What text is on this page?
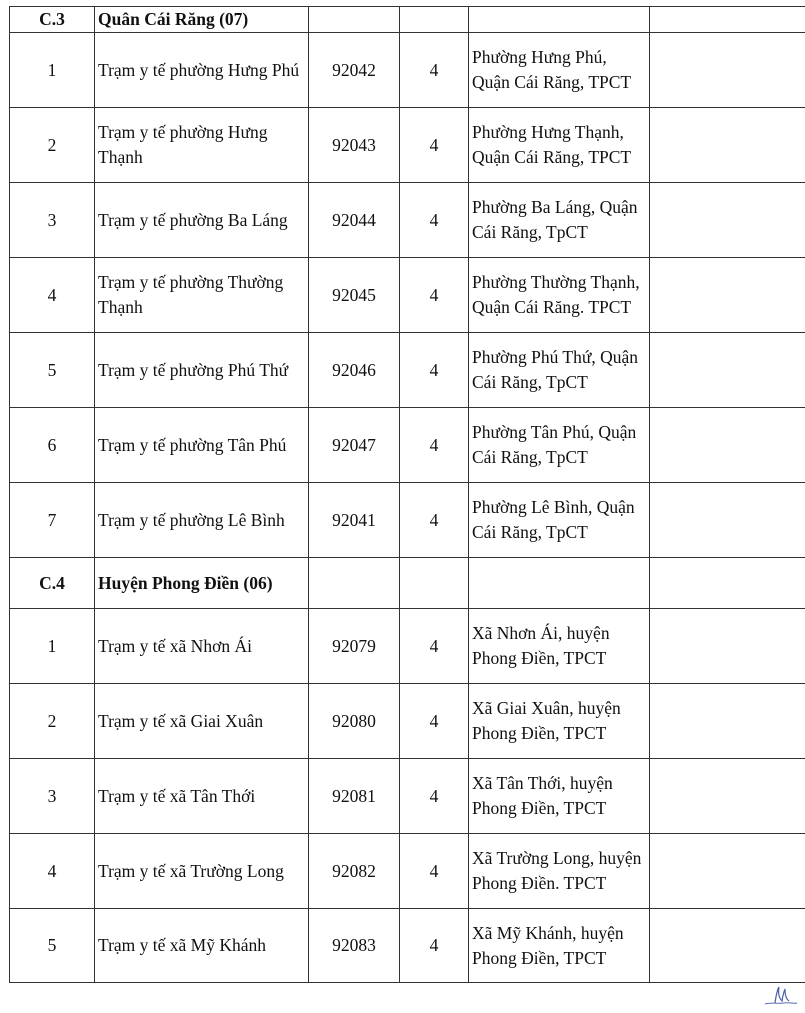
C.3	Quân Cái Răng (07)				
1	Trạm y tế phường Hưng Phú	92042	4	Phường Hưng Phú, Quận Cái Răng, TPCT	
2	Trạm y tế phường Hưng Thạnh	92043	4	Phường Hưng Thạnh, Quận Cái Răng, TPCT	
3	Trạm y tế phường Ba Láng	92044	4	Phường Ba Láng, Quận Cái Răng, TpCT	
4	Trạm y tế phường Thường Thạnh	92045	4	Phường Thường Thạnh, Quận Cái Răng. TPCT	
5	Trạm y tế phường Phú Thứ	92046	4	Phường Phú Thứ, Quận Cái Răng, TpCT	
6	Trạm y tế phường Tân Phú	92047	4	Phường Tân Phú, Quận Cái Răng, TpCT	
7	Trạm y tế phường Lê Bình	92041	4	Phường Lê Bình, Quận Cái Răng, TpCT	
C.4	Huyện Phong Điền (06)				
1	Trạm y tế xã Nhơn Ái	92079	4	Xã Nhơn Ái, huyện Phong Điền, TPCT	
2	Trạm y tế xã Giai Xuân	92080	4	Xã Giai Xuân, huyện Phong Điền, TPCT	
3	Trạm y tế xã Tân Thới	92081	4	Xã Tân Thới, huyện Phong Điền, TPCT	
4	Trạm y tế xã Trường Long	92082	4	Xã Trường Long, huyện Phong Điền. TPCT	
5	Trạm y tế xã Mỹ Khánh	92083	4	Xã Mỹ Khánh, huyện Phong Điền, TPCT	
